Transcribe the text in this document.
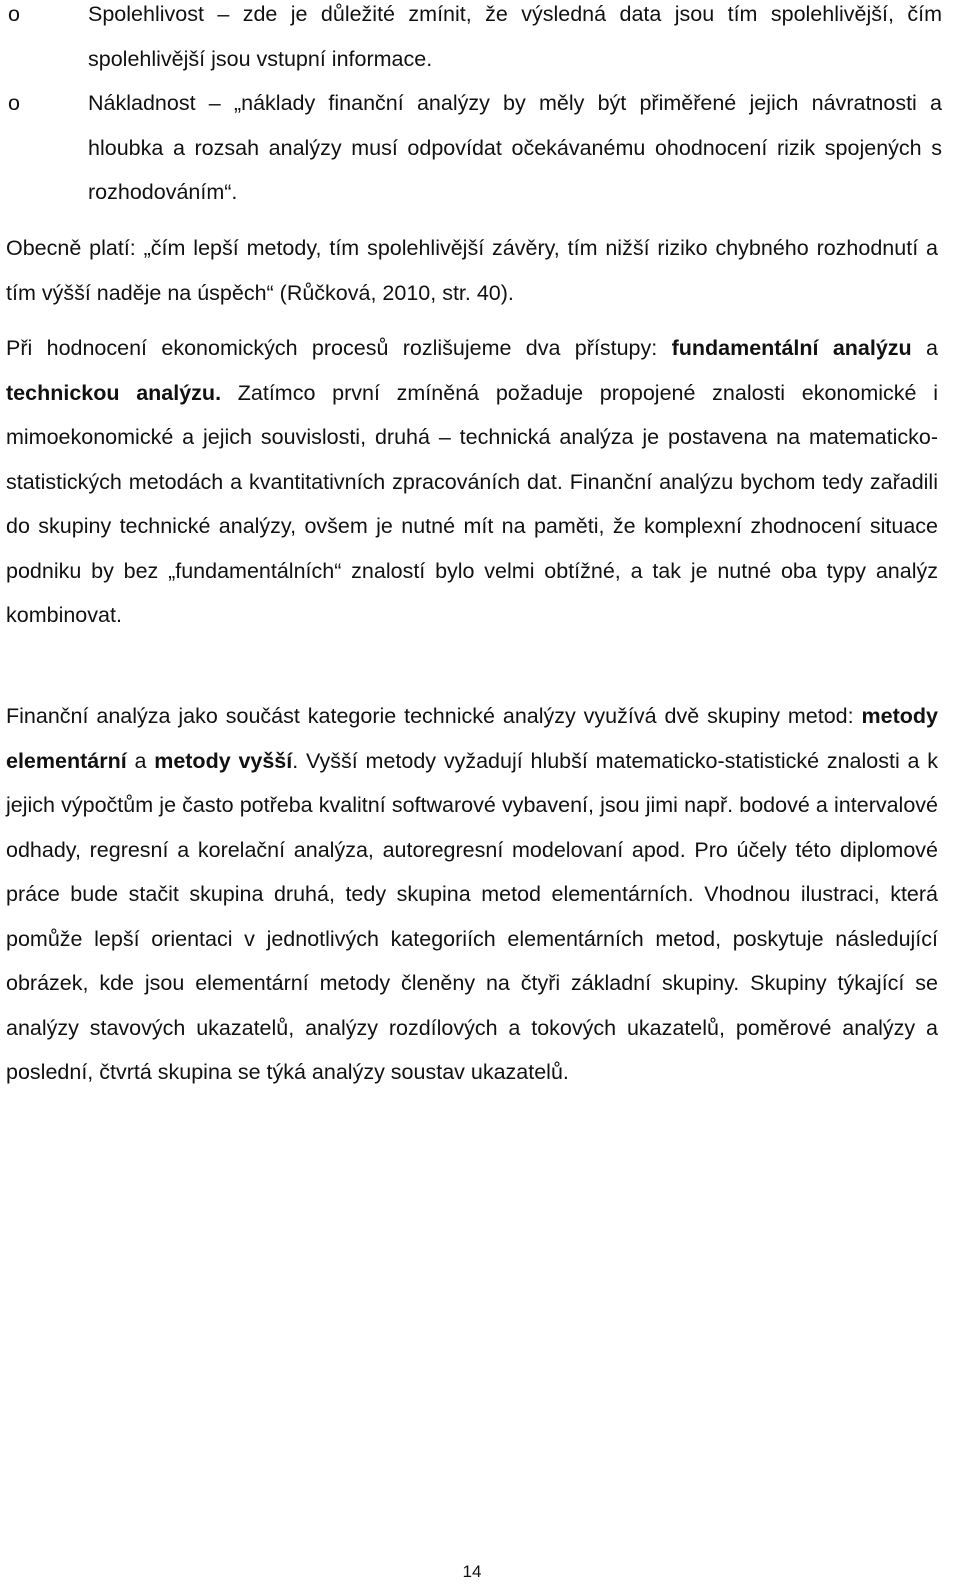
o	Spolehlivost – zde je důležité zmínit, že výsledná data jsou tím spolehlivější, čím spolehlivější jsou vstupní informace.
o	Nákladnost – „náklady finanční analýzy by měly být přiměřené jejich návratnosti a hloubka a rozsah analýzy musí odpovídat očekávanému ohodnocení rizik spojených s rozhodováním“.

Obecně platí: „čím lepší metody, tím spolehlivější závěry, tím nižší riziko chybného rozhodnutí a tím výšší naděje na úspěch“ (Růčková, 2010, str. 40).

Při hodnocení ekonomických procesů rozlišujeme dva přístupy: fundamentální analýzu a technickou analýzu. Zatímco první zmíněná požaduje propojené znalosti ekonomické i mimoekonomické a jejich souvislosti, druhá – technická analýza je postavena na matematicko-statistických metodách a kvantitativních zpracováních dat. Finanční analýzu bychom tedy zařadili do skupiny technické analýzy, ovšem je nutné mít na paměti, že komplexní zhodnocení situace podniku by bez „fundamentálních“ znalostí bylo velmi obtížné, a tak je nutné oba typy analýz kombinovat.

Finanční analýza jako součást kategorie technické analýzy využívá dvě skupiny metod: metody elementární a metody vyšší. Vyšší metody vyžadují hlubší matematicko-statistické znalosti a k jejich výpočtům je často potřeba kvalitní softwarové vybavení, jsou jimi např. bodové a intervalové odhady, regresní a korelační analýza, autoregresní modelovaní apod. Pro účely této diplomové práce bude stačit skupina druhá, tedy skupina metod elementárních. Vhodnou ilustraci, která pomůže lepší orientaci v jednotlivých kategoriích elementárních metod, poskytuje následující obrázek, kde jsou elementární metody členěny na čtyři základní skupiny. Skupiny týkající se analýzy stavových ukazatelů, analýzy rozdílových a tokových ukazatelů, poměrové analýzy a poslední, čtvrtá skupina se týká analýzy soustav ukazatelů.

14
